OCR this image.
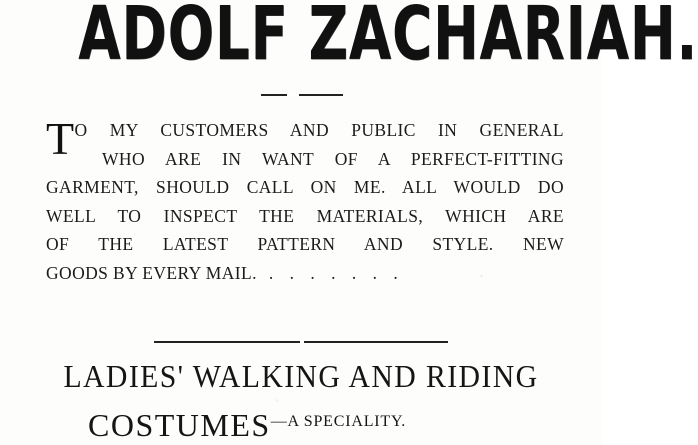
ADOLF ZACHARIAH.
T O MY CUSTOMERS AND PUBLIC IN GENERAL
WHO ARE IN WANT OF A PERFECT-FITTING
GARMENT, SHOULD CALL ON ME. ALL WOULD DO
WELL TO INSPECT THE MATERIALS, WHICH ARE
OF THE LATEST PATTERN AND STYLE. NEW
GOODS BY EVERY MAIL. . . . . . . .
LADIES' WALKING AND RIDING
COSTUMES—A SPECIALITY.
